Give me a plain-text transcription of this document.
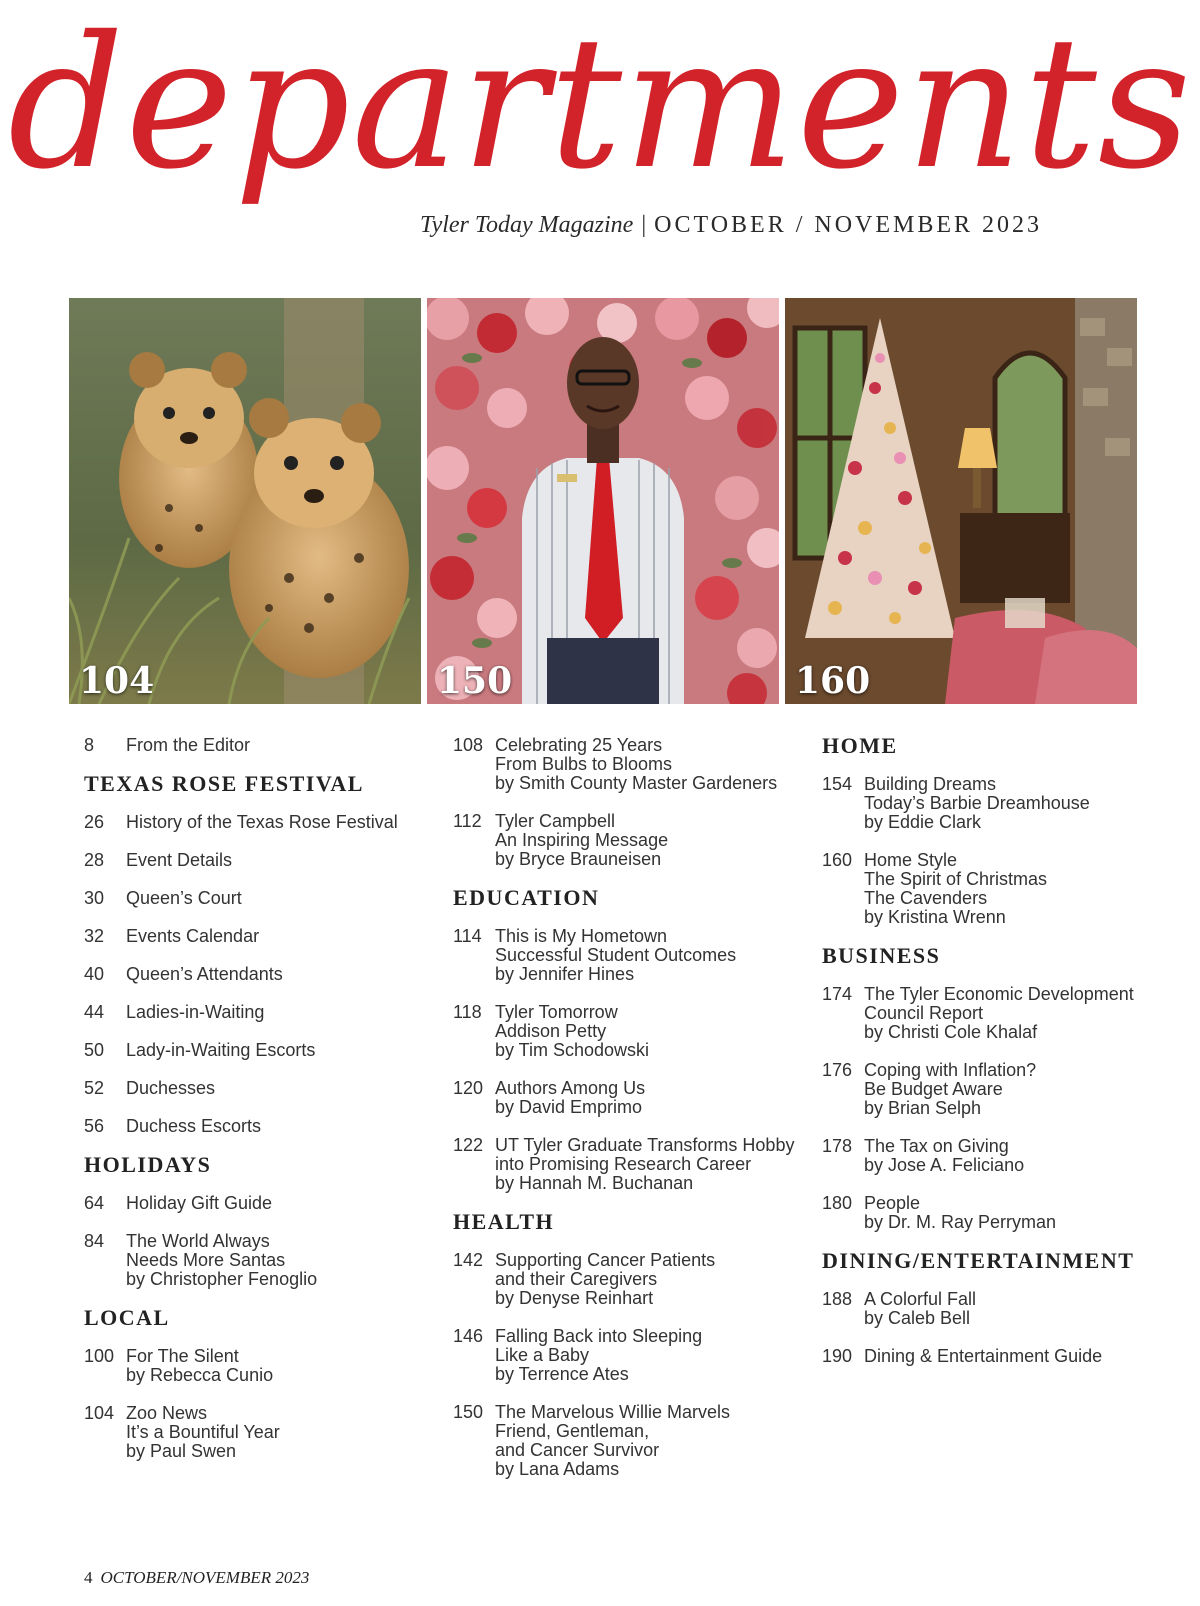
departments
Tyler Today Magazine | OCTOBER / NOVEMBER 2023
104	150	160
8	From the Editor
TEXAS ROSE FESTIVAL
26	History of the Texas Rose Festival
28	Event Details
30	Queen’s Court
32	Events Calendar
40	Queen’s Attendants
44	Ladies-in-Waiting
50	Lady-in-Waiting Escorts
52	Duchesses
56	Duchess Escorts
HOLIDAYS
64	Holiday Gift Guide
84	The World Always
Needs More Santas
by Christopher Fenoglio
LOCAL
100 For The Silent
by Rebecca Cunio
104 Zoo News
It’s a Bountiful Year
by Paul Swen
108 Celebrating 25 Years
From Bulbs to Blooms
by Smith County Master Gardeners
112 Tyler Campbell
An Inspiring Message
by Bryce Brauneisen
EDUCATION
114 This is My Hometown
Successful Student Outcomes
by Jennifer Hines
118 Tyler Tomorrow
Addison Petty
by Tim Schodowski
120 Authors Among Us
by David Emprimo
122 UT Tyler Graduate Transforms Hobby
into Promising Research Career
by Hannah M. Buchanan
HEALTH
142 Supporting Cancer Patients
and their Caregivers
by Denyse Reinhart
146 Falling Back into Sleeping
Like a Baby
by Terrence Ates
150 The Marvelous Willie Marvels
Friend, Gentleman,
and Cancer Survivor
by Lana Adams
HOME
154 Building Dreams
Today’s Barbie Dreamhouse
by Eddie Clark
160 Home Style
The Spirit of Christmas
The Cavenders
by Kristina Wrenn
BUSINESS
174 The Tyler Economic Development
Council Report
by Christi Cole Khalaf
176 Coping with Inflation?
Be Budget Aware
by Brian Selph
178 The Tax on Giving
by Jose A. Feliciano
180 People
by Dr. M. Ray Perryman
DINING/ENTERTAINMENT
188 A Colorful Fall
by Caleb Bell
190 Dining & Entertainment Guide
4 OCTOBER/NOVEMBER 2023
